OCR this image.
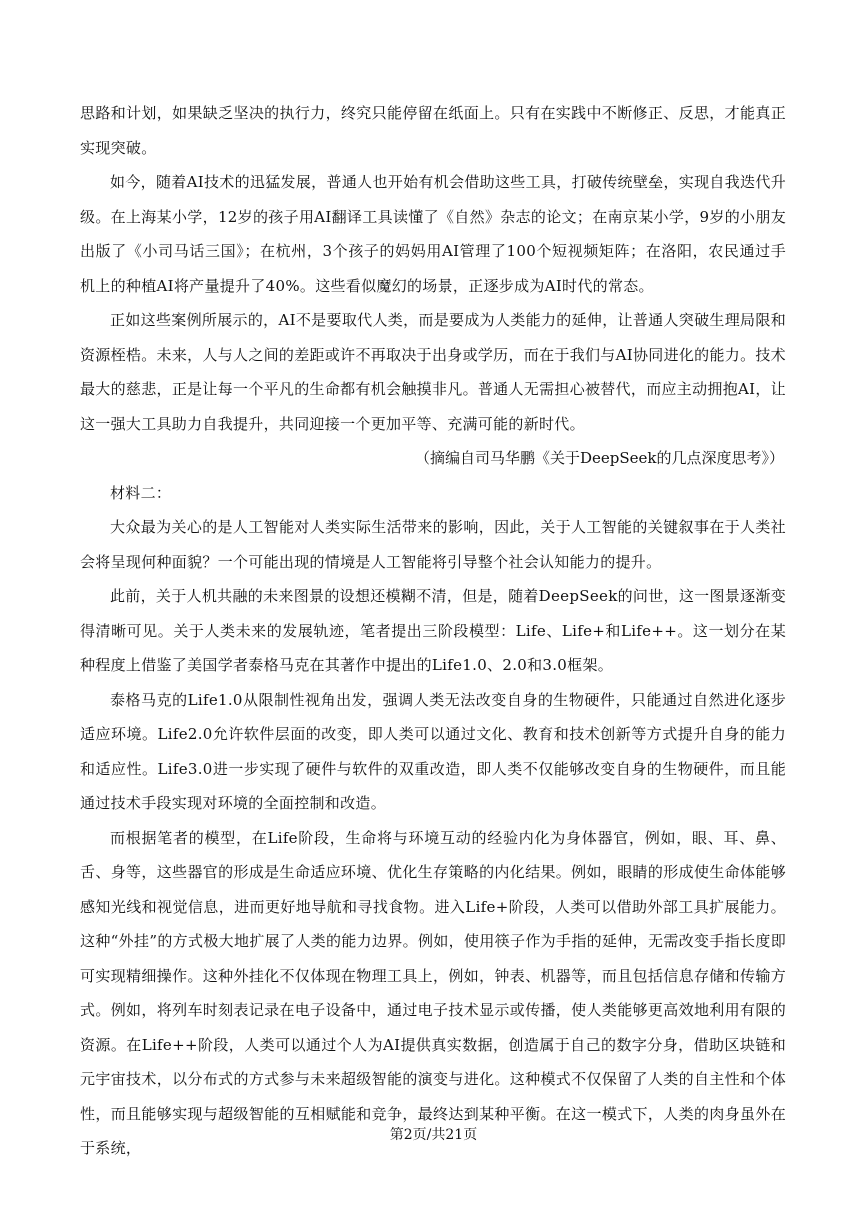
思路和计划，如果缺乏坚决的执行力，终究只能停留在纸面上。只有在实践中不断修正、反思，才能真正实现突破。

如今，随着AI技术的迅猛发展，普通人也开始有机会借助这些工具，打破传统壁垒，实现自我迭代升级。在上海某小学，12岁的孩子用AI翻译工具读懂了《自然》杂志的论文；在南京某小学，9岁的小朋友出版了《小司马话三国》；在杭州，3个孩子的妈妈用AI管理了100个短视频矩阵；在洛阳，农民通过手机上的种植AI将产量提升了40%。这些看似魔幻的场景，正逐步成为AI时代的常态。

正如这些案例所展示的，AI不是要取代人类，而是要成为人类能力的延伸，让普通人突破生理局限和资源桎梏。未来，人与人之间的差距或许不再取决于出身或学历，而在于我们与AI协同进化的能力。技术最大的慈悲，正是让每一个平凡的生命都有机会触摸非凡。普通人无需担心被替代，而应主动拥抱AI，让这一强大工具助力自我提升，共同迎接一个更加平等、充满可能的新时代。

（摘编自司马华鹏《关于DeepSeek的几点深度思考》）

材料二：

大众最为关心的是人工智能对人类实际生活带来的影响，因此，关于人工智能的关键叙事在于人类社会将呈现何种面貌？一个可能出现的情境是人工智能将引导整个社会认知能力的提升。

此前，关于人机共融的未来图景的设想还模糊不清，但是，随着DeepSeek的问世，这一图景逐渐变得清晰可见。关于人类未来的发展轨迹，笔者提出三阶段模型：Life、Life+和Life++。这一划分在某种程度上借鉴了美国学者泰格马克在其著作中提出的Life1.0、2.0和3.0框架。

泰格马克的Life1.0从限制性视角出发，强调人类无法改变自身的生物硬件，只能通过自然进化逐步适应环境。Life2.0允许软件层面的改变，即人类可以通过文化、教育和技术创新等方式提升自身的能力和适应性。Life3.0进一步实现了硬件与软件的双重改造，即人类不仅能够改变自身的生物硬件，而且能通过技术手段实现对环境的全面控制和改造。

而根据笔者的模型，在Life阶段，生命将与环境互动的经验内化为身体器官，例如，眼、耳、鼻、舌、身等，这些器官的形成是生命适应环境、优化生存策略的内化结果。例如，眼睛的形成使生命体能够感知光线和视觉信息，进而更好地导航和寻找食物。进入Life+阶段，人类可以借助外部工具扩展能力。这种“外挂”的方式极大地扩展了人类的能力边界。例如，使用筷子作为手指的延伸，无需改变手指长度即可实现精细操作。这种外挂化不仅体现在物理工具上，例如，钟表、机器等，而且包括信息存储和传输方式。例如，将列车时刻表记录在电子设备中，通过电子技术显示或传播，使人类能够更高效地利用有限的资源。在Life++阶段，人类可以通过个人为AI提供真实数据，创造属于自己的数字分身，借助区块链和元宇宙技术，以分布式的方式参与未来超级智能的演变与进化。这种模式不仅保留了人类的自主性和个体性，而且能够实现与超级智能的互相赋能和竞争，最终达到某种平衡。在这一模式下，人类的肉身虽外在于系统，

第2页/共21页
